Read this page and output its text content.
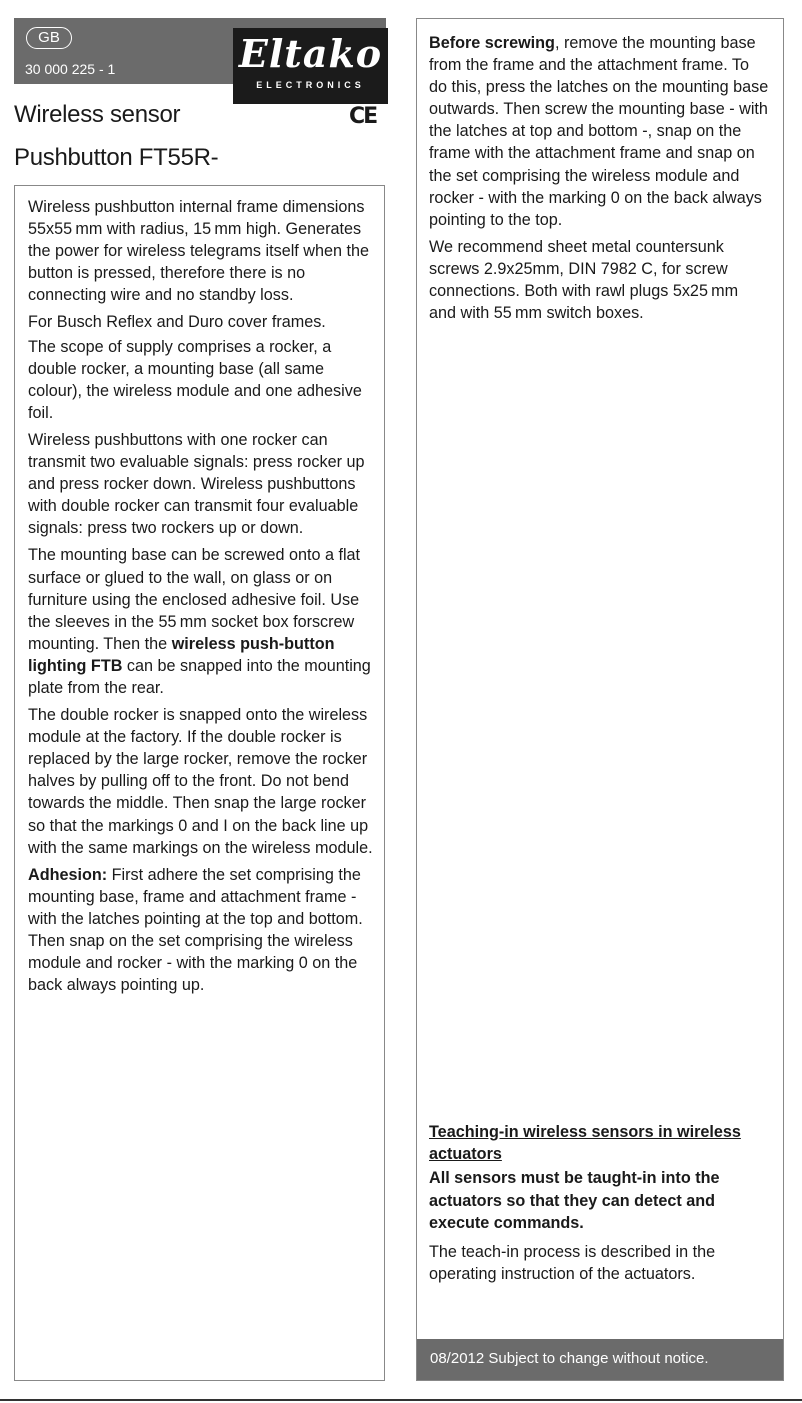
GB
30 000 225 - 1	Eltako
ELECTRONICS
Wireless sensor	CE
Pushbutton FT55R-

Wireless pushbutton internal frame dimensions 55x55 mm with radius, 15 mm high. Generates the power for wireless telegrams itself when the button is pressed, therefore there is no connecting wire and no standby loss.

For Busch Reflex and Duro cover frames.

The scope of supply comprises a rocker, a double rocker, a mounting base (all same colour), the wireless module and one adhesive foil.

Wireless pushbuttons with one rocker can transmit two evaluable signals: press rocker up and press rocker down. Wireless pushbuttons with double rocker can transmit four evaluable signals: press two rockers up or down.

The mounting base can be screwed onto a flat surface or glued to the wall, on glass or on furniture using the enclosed adhesive foil. Use the sleeves in the 55 mm socket box forscrew mounting. Then the wireless push-button lighting FTB can be snapped into the mounting plate from the rear.

The double rocker is snapped onto the wireless module at the factory. If the double rocker is replaced by the large rocker, remove the rocker halves by pulling off to the front. Do not bend towards the middle. Then snap the large rocker so that the markings 0 and I on the back line up with the same markings on the wireless module.

Adhesion: First adhere the set comprising the mounting base, frame and attachment frame - with the latches pointing at the top and bottom. Then snap on the set comprising the wireless module and rocker - with the marking 0 on the back always pointing up.

Before screwing, remove the mounting base from the frame and the attachment frame. To do this, press the latches on the mounting base outwards. Then screw the mounting base - with the latches at top and bottom -, snap on the frame with the attachment frame and snap on the set comprising the wireless module and rocker - with the marking 0 on the back always pointing to the top.

We recommend sheet metal countersunk screws 2.9x25mm, DIN 7982 C, for screw connections. Both with rawl plugs 5x25 mm and with 55 mm switch boxes.

Teaching-in wireless sensors in wireless actuators
All sensors must be taught-in into the actuators so that they can detect and execute commands.

The teach-in process is described in the operating instruction of the actuators.

08/2012 Subject to change without notice.
